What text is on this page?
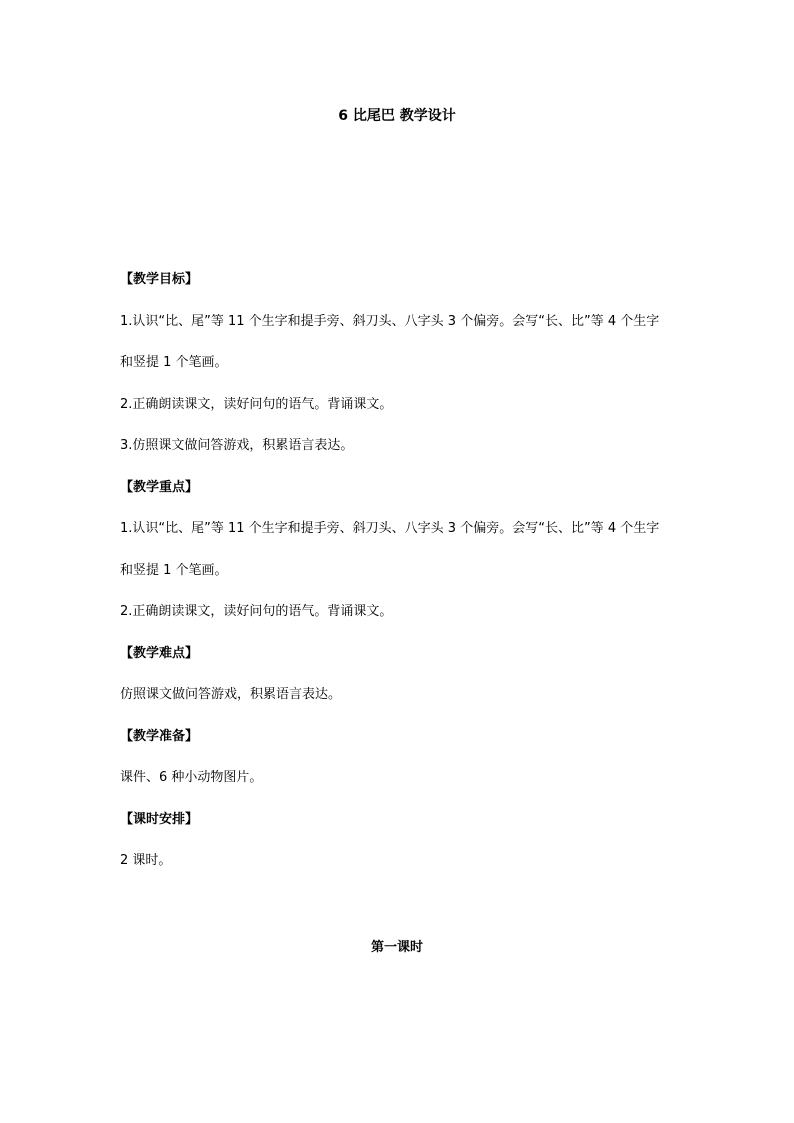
6 比尾巴 教学设计
【教学目标】
1.认识“比、尾”等 11 个生字和提手旁、斜刀头、八字头 3 个偏旁。会写“长、比”等 4 个生字
和竖提 1 个笔画。
2.正确朗读课文，读好问句的语气。背诵课文。
3.仿照课文做问答游戏，积累语言表达。
【教学重点】
1.认识“比、尾”等 11 个生字和提手旁、斜刀头、八字头 3 个偏旁。会写“长、比”等 4 个生字
和竖提 1 个笔画。
2.正确朗读课文，读好问句的语气。背诵课文。
【教学难点】
仿照课文做问答游戏，积累语言表达。
【教学准备】
课件、6 种小动物图片。
【课时安排】
2 课时。
第一课时
